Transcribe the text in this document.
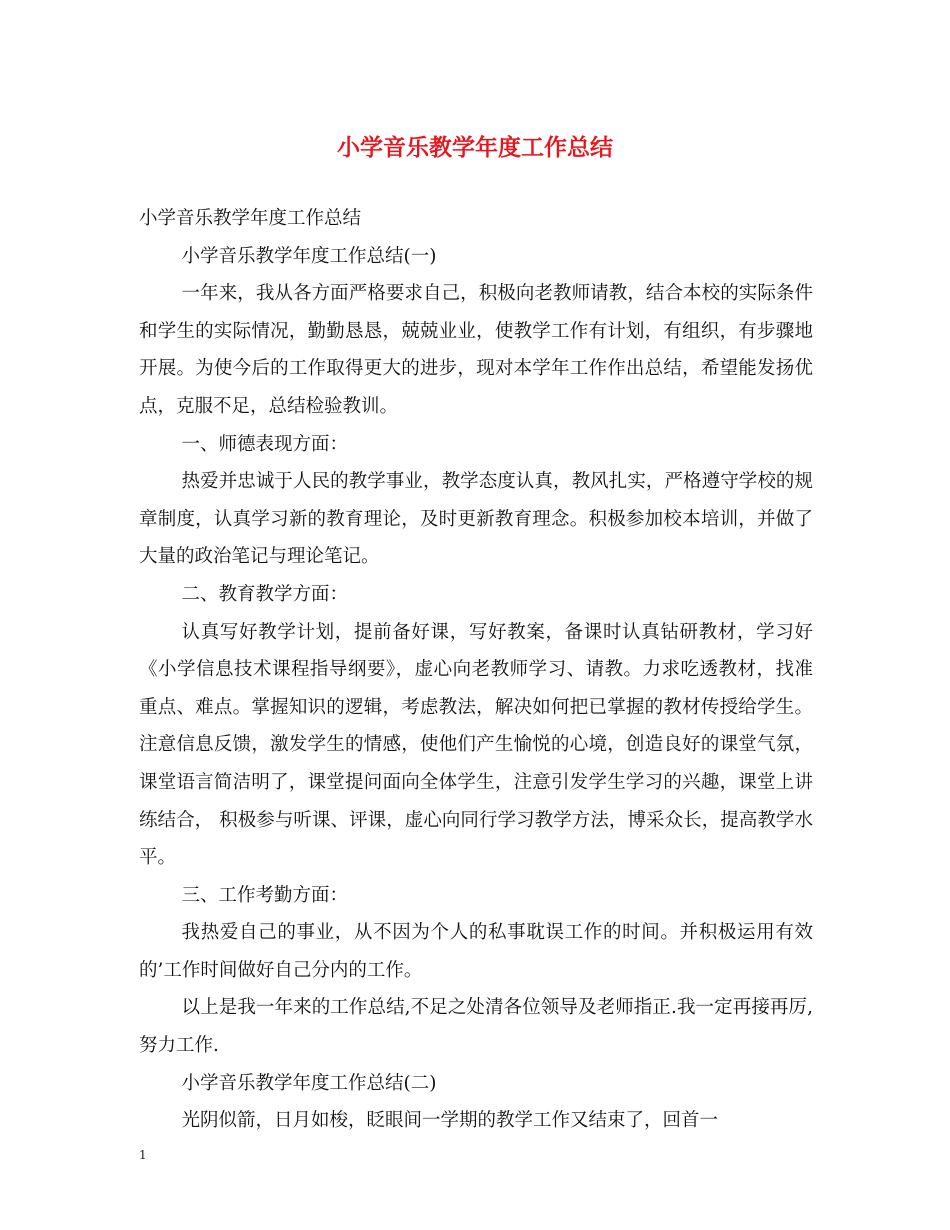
小学音乐教学年度工作总结

小学音乐教学年度工作总结

小学音乐教学年度工作总结(一)

一年来，我从各方面严格要求自己，积极向老教师请教，结合本校的实际条件和学生的实际情况，勤勤恳恳，兢兢业业，使教学工作有计划，有组织，有步骤地开展。为使今后的工作取得更大的进步，现对本学年工作作出总结，希望能发扬优点，克服不足，总结检验教训。

一、师德表现方面：

热爱并忠诚于人民的教学事业，教学态度认真，教风扎实，严格遵守学校的规章制度，认真学习新的教育理论，及时更新教育理念。积极参加校本培训，并做了大量的政治笔记与理论笔记。

二、教育教学方面：

认真写好教学计划，提前备好课，写好教案，备课时认真钻研教材，学习好《小学信息技术课程指导纲要》，虚心向老教师学习、请教。力求吃透教材，找准重点、难点。掌握知识的逻辑，考虑教法，解决如何把已掌握的教材传授给学生。注意信息反馈，激发学生的情感，使他们产生愉悦的心境，创造良好的课堂气氛，课堂语言简洁明了，课堂提问面向全体学生，注意引发学生学习的兴趣，课堂上讲练结合， 积极参与听课、评课，虚心向同行学习教学方法，博采众长，提高教学水平。

三、工作考勤方面：

我热爱自己的事业，从不因为个人的私事耽误工作的时间。并积极运用有效的’工作时间做好自己分内的工作。

以上是我一年来的工作总结,不足之处清各位领导及老师指正.我一定再接再厉,努力工作.

小学音乐教学年度工作总结(二)

光阴似箭，日月如梭，眨眼间一学期的教学工作又结束了，回首一

1
